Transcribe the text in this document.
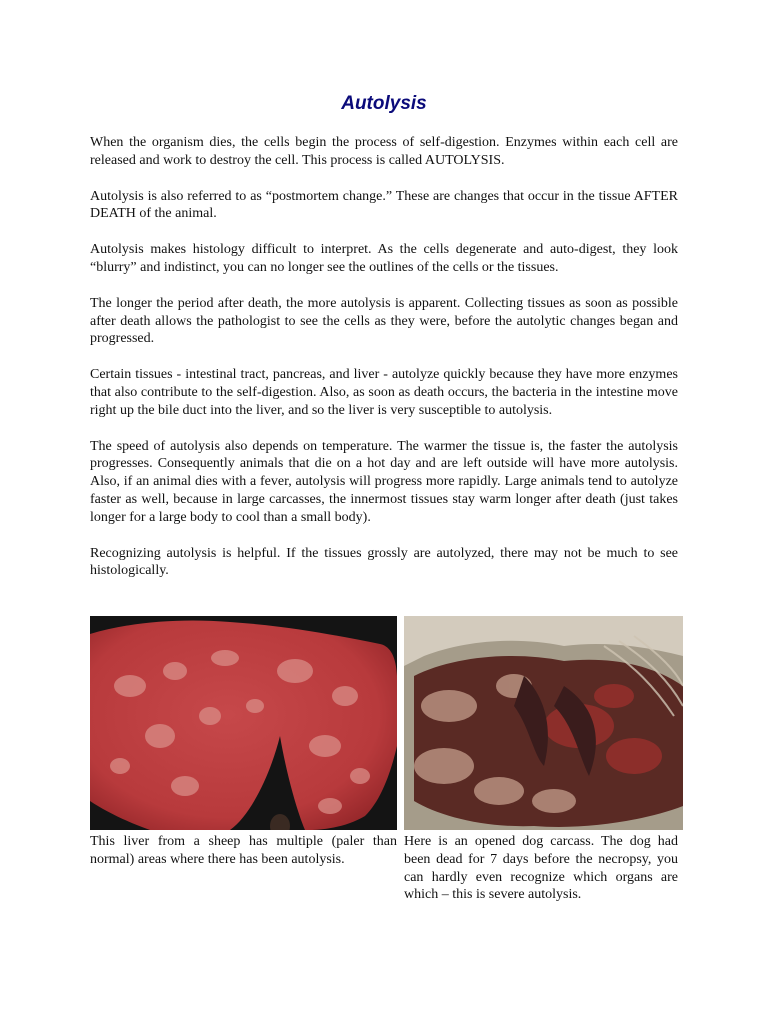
Autolysis

When the organism dies, the cells begin the process of self-digestion. Enzymes within each cell are released and work to destroy the cell. This process is called AUTOLYSIS.

Autolysis is also referred to as “postmortem change.” These are changes that occur in the tissue AFTER DEATH of the animal.

Autolysis makes histology difficult to interpret. As the cells degenerate and auto-digest, they look “blurry” and indistinct, you can no longer see the outlines of the cells or the tissues.

The longer the period after death, the more autolysis is apparent. Collecting tissues as soon as possible after death allows the pathologist to see the cells as they were, before the autolytic changes began and progressed.

Certain tissues - intestinal tract, pancreas, and liver - autolyze quickly because they have more enzymes that also contribute to the self-digestion. Also, as soon as death occurs, the bacteria in the intestine move right up the bile duct into the liver, and so the liver is very susceptible to autolysis.

The speed of autolysis also depends on temperature. The warmer the tissue is, the faster the autolysis progresses. Consequently animals that die on a hot day and are left outside will have more autolysis. Also, if an animal dies with a fever, autolysis will progress more rapidly. Large animals tend to autolyze faster as well, because in large carcasses, the innermost tissues stay warm longer after death (just takes longer for a large body to cool than a small body).

Recognizing autolysis is helpful. If the tissues grossly are autolyzed, there may not be much to see histologically.

This liver from a sheep has multiple (paler than normal) areas where there has been autolysis.
Here is an opened dog carcass. The dog had been dead for 7 days before the necropsy, you can hardly even recognize which organs are which – this is severe autolysis.
